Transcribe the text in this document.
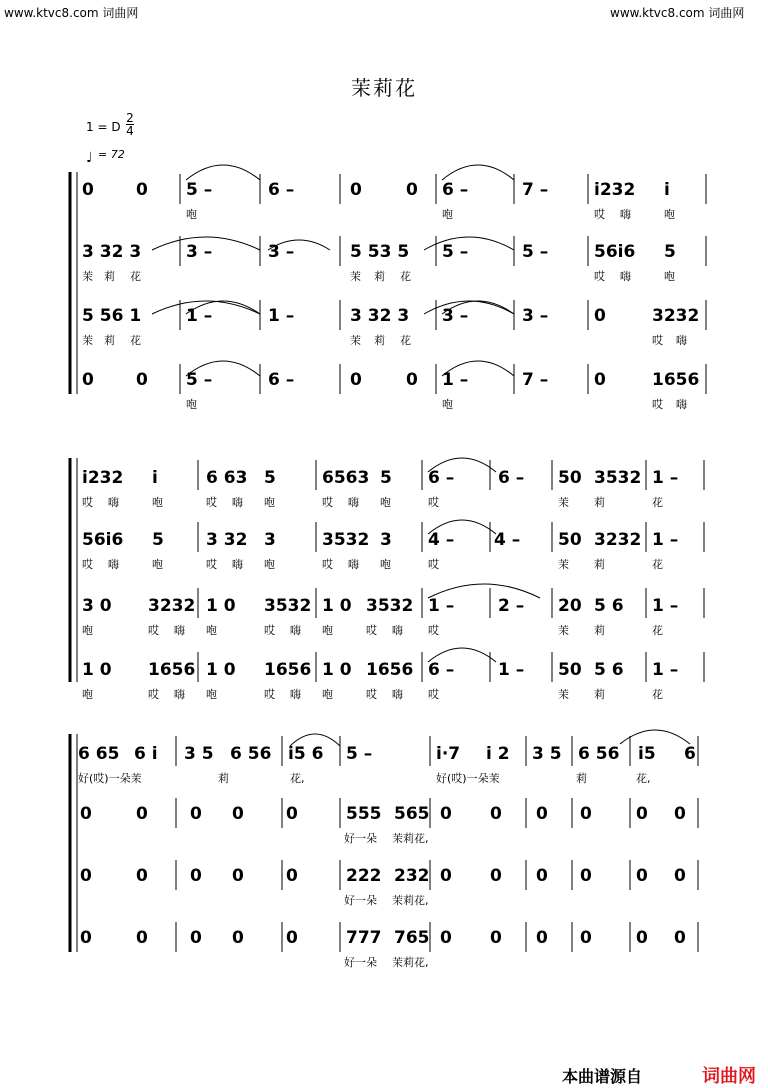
www.ktvc8.com 词曲网	www.ktvc8.com 词曲网
茉莉花
1 = D
2
4
♩ = 72
0 0 5 –	6 –	0	0 6 –	7 –	i232 i
咆	咆	哎 嗨	咆
3 32 3	3 –	3 –	5 53 5 5 –	5 –	56i6 5
茉 莉 花	茉 莉 花	哎 嗨	咆
5 56 1	1 –	1 –	3 32 3 3 –	3 –	0	3232
茉 莉 花	茉 莉 花	哎 嗨
0 0 5 –	6 –	0	0 1 –	7 –	0	1656
咆	咆	哎 嗨
i232 i	6 63 5	6563 5 6 –	6 – 50 3532 1 –
哎 嗨	咆	哎 嗨 咆	哎 嗨 咆	哎	茉 莉	花
56i6 5 3 32 3	3532 3 4 – 4 – 50 3232 1 –
哎 嗨	咆	哎 嗨 咆	哎 嗨 咆	哎	茉 莉	花
3 0 3232 1 0 3532 1 0 3532 1 –	2 – 20 5 6 1 –
咆	哎 嗨 咆	哎 嗨 咆	哎 嗨 哎	茉 莉	花
1 0 1656 1 0 1656 1 0 1656 6 –	1 – 50 5 6 1 –
咆	哎 嗨 咆	哎 嗨 咆	哎 嗨 哎	茉 莉	花
6 65 6 i 3 5 6 56 i5 6 5 –	i·7 i 2 3 5 6 56 i5 6
好(哎)一朵茉	莉	花,	好(哎)一朵茉	莉	花,
0	0 0 0 0	555 565 0 0 0 0	0 0
好一朵 茉莉花,
0	0 0 0 0	222 232 0 0 0 0	0 0
好一朵 茉莉花,
0	0 0 0 0	777 765 0 0 0 0	0 0
好一朵 茉莉花,
本曲谱源自	词曲网
